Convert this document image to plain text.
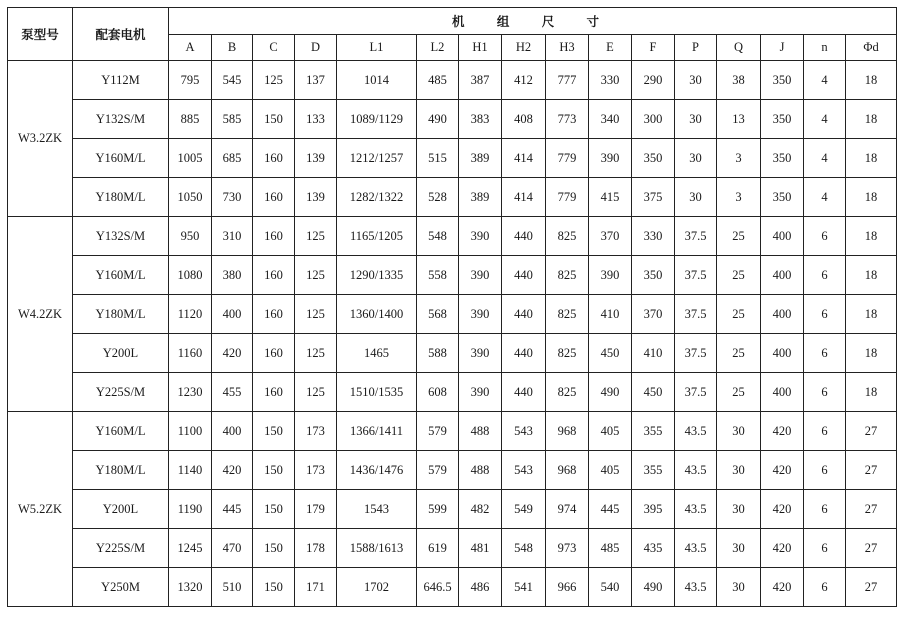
泵型号	配套电机	机 组 尺 寸															
		A	B	C	D	L1	L2	H1	H2	H3	E	F	P	Q	J	n	Φd
W3.2ZK	Y112M	795	545	125	137	1014	485	387	412	777	330	290	30	38	350	4	18
	Y132S/M	885	585	150	133	1089/1129	490	383	408	773	340	300	30	13	350	4	18
	Y160M/L	1005	685	160	139	1212/1257	515	389	414	779	390	350	30	3	350	4	18
	Y180M/L	1050	730	160	139	1282/1322	528	389	414	779	415	375	30	3	350	4	18
W4.2ZK	Y132S/M	950	310	160	125	1165/1205	548	390	440	825	370	330	37.5	25	400	6	18
	Y160M/L	1080	380	160	125	1290/1335	558	390	440	825	390	350	37.5	25	400	6	18
	Y180M/L	1120	400	160	125	1360/1400	568	390	440	825	410	370	37.5	25	400	6	18
	Y200L	1160	420	160	125	1465	588	390	440	825	450	410	37.5	25	400	6	18
	Y225S/M	1230	455	160	125	1510/1535	608	390	440	825	490	450	37.5	25	400	6	18
W5.2ZK	Y160M/L	1100	400	150	173	1366/1411	579	488	543	968	405	355	43.5	30	420	6	27
	Y180M/L	1140	420	150	173	1436/1476	579	488	543	968	405	355	43.5	30	420	6	27
	Y200L	1190	445	150	179	1543	599	482	549	974	445	395	43.5	30	420	6	27
	Y225S/M	1245	470	150	178	1588/1613	619	481	548	973	485	435	43.5	30	420	6	27
	Y250M	1320	510	150	171	1702	646.5	486	541	966	540	490	43.5	30	420	6	27
